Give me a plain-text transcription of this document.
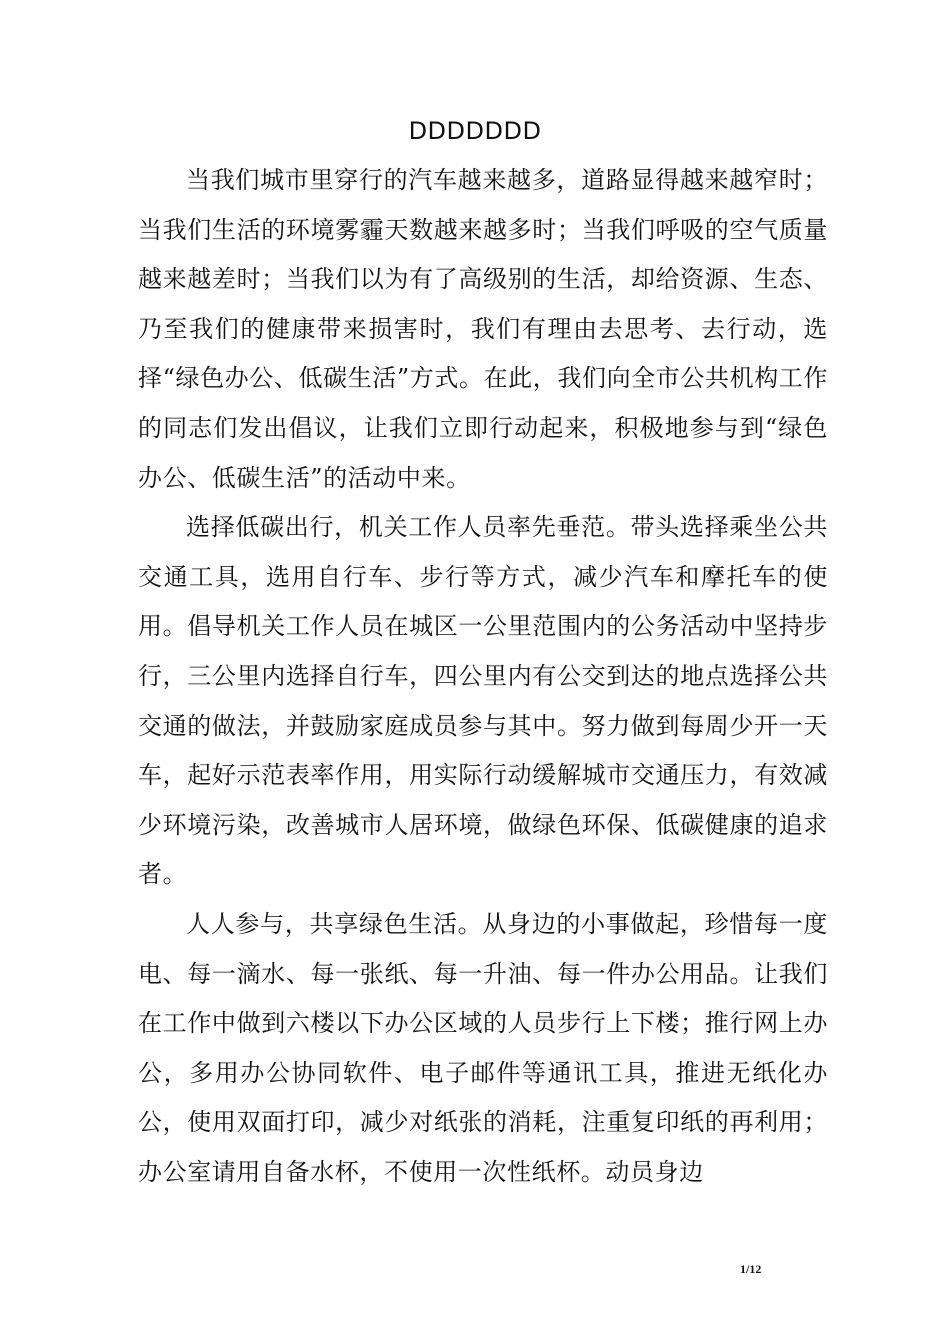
DDDDDDD

当我们城市里穿行的汽车越来越多，道路显得越来越窄时；当我们生活的环境雾霾天数越来越多时；当我们呼吸的空气质量越来越差时；当我们以为有了高级别的生活，却给资源、生态、乃至我们的健康带来损害时，我们有理由去思考、去行动，选择“绿色办公、低碳生活”方式。在此，我们向全市公共机构工作的同志们发出倡议，让我们立即行动起来，积极地参与到“绿色办公、低碳生活”的活动中来。

选择低碳出行，机关工作人员率先垂范。带头选择乘坐公共交通工具，选用自行车、步行等方式，减少汽车和摩托车的使用。倡导机关工作人员在城区一公里范围内的公务活动中坚持步行，三公里内选择自行车，四公里内有公交到达的地点选择公共交通的做法，并鼓励家庭成员参与其中。努力做到每周少开一天车，起好示范表率作用，用实际行动缓解城市交通压力，有效减少环境污染，改善城市人居环境，做绿色环保、低碳健康的追求者。

人人参与，共享绿色生活。从身边的小事做起，珍惜每一度电、每一滴水、每一张纸、每一升油、每一件办公用品。让我们在工作中做到六楼以下办公区域的人员步行上下楼；推行网上办公，多用办公协同软件、电子邮件等通讯工具，推进无纸化办公，使用双面打印，减少对纸张的消耗，注重复印纸的再利用；办公室请用自备水杯，不使用一次性纸杯。动员身边

1/12
